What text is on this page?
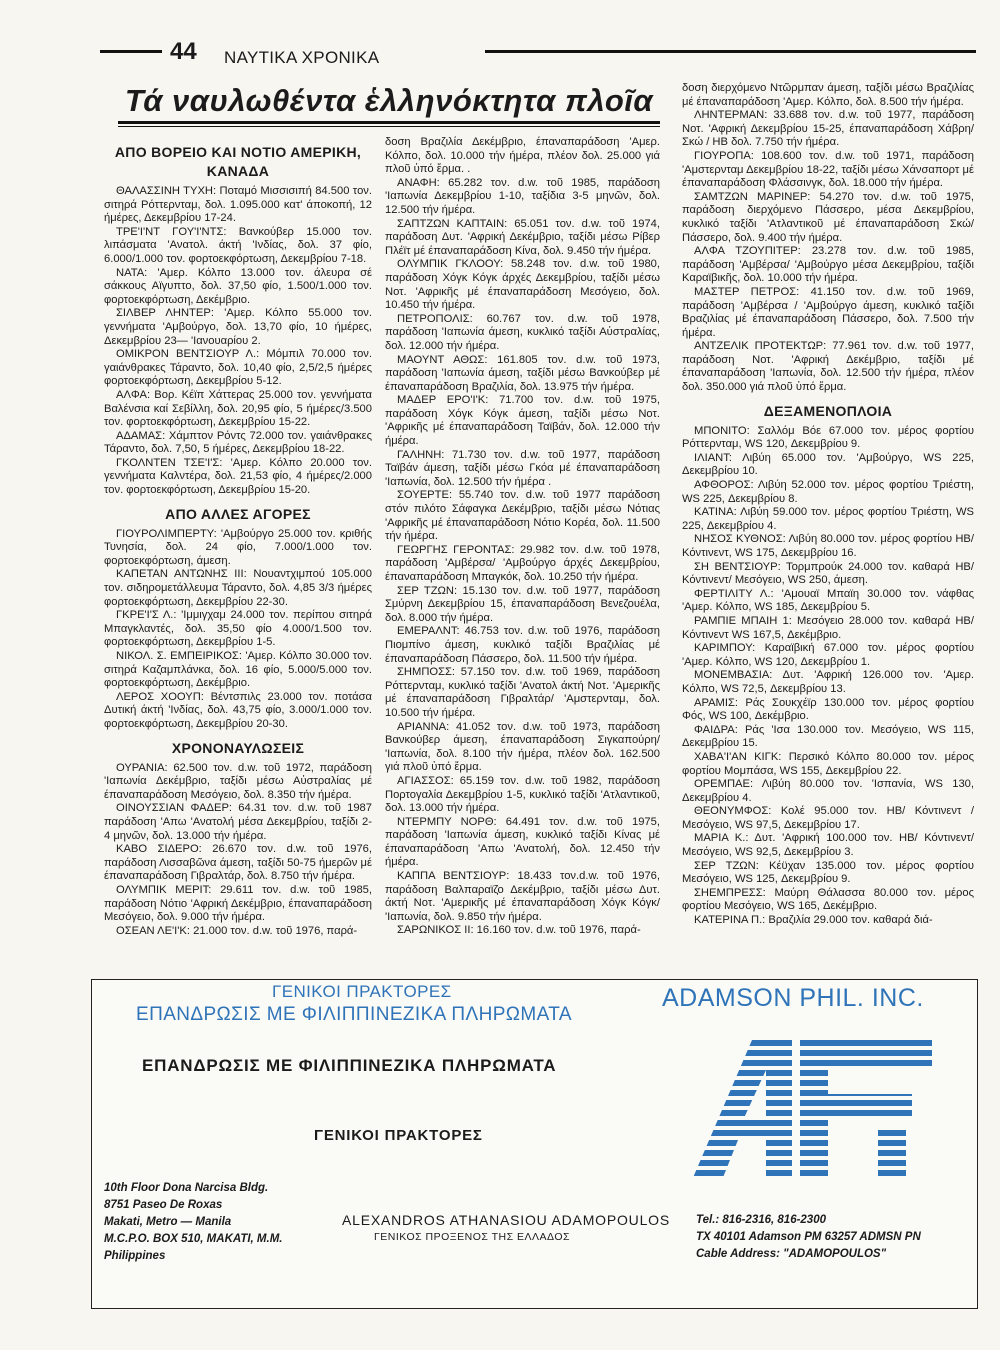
44 ΝΑΥΤΙΚΑ ΧΡΟΝΙΚΑ
Τά ναυλωθέντα ἑλληνόκτητα πλοῖα
ΑΠΟ ΒΟΡΕΙΟ ΚΑΙ ΝΟΤΙΟ ΑΜΕΡΙΚΗ, ΚΑΝΑΔΑ

ΘΑΛΑΣΣΙΝΗ ΤΥΧΗ: Ποταμό Μισσισιπή 84.500 τον. σιτηρά Ρόττερνταμ, δολ. 1.095.000 κατ' άποκοπή, 12 ήμέρες, Δεκεμβρίου 17-24.

ΤΡΕ'Ι'ΝΤ ΓΟΥ'Ι'ΝΤΣ: Βανκούβερ 15.000 τον. λιπάσματα 'Ανατολ. άκτή 'Ινδίας, δολ. 37 φίο, 6.000/1.000 τον. φορτοεκφόρτωση, Δεκεμβρίου 7-18.

ΝΑΤΑ: 'Αμερ. Κόλπο 13.000 τον. άλευρα σέ σάκκους Αϊγυπτο, δολ. 37,50 φίο, 1.500/1.000 τον. φορτοεκφόρτωση, Δεκέμβριο.

ΣΙΛΒΕΡ ΛΗΝΤΕΡ: 'Αμερ. Κόλπο 55.000 τον. γεννήματα 'Αμβούργο, δολ. 13,70 φίο, 10 ήμέρες, Δεκεμβρίου 23— 'Ιανουαρίου 2.

ΟΜΙΚΡΟΝ ΒΕΝΤΣΙΟΥΡ Λ.: Μόμπιλ 70.000 τον. γαιάνθρακες Τάραντο, δολ. 10,40 φίο, 2,5/2,5 ήμέρες φορτοεκφόρτωση, Δεκεμβρίου 5-12.

ΑΛΦΑ: Βορ. Κέϊπ Χάττερας 25.000 τον. γεννήματα Βαλένσια καί Σεβίλλη, δολ. 20,95 φίο, 5 ήμέρες/3.500 τον. φορτοεκφόρτωση, Δεκεμβρίου 15-22.

ΑΔΑΜΑΣ: Χάμπτον Ρόντς 72.000 τον. γαιάνθρακες Τάραντο, δολ. 7,50, 5 ήμέρες, Δεκεμβρίου 18-22.

ΓΚΟΛΝΤΕΝ ΤΣΕ'Ι'Σ: 'Αμερ. Κόλπο 20.000 τον. γεννήματα Καλντέρα, δολ. 21,53 φίο, 4 ήμέρες/2.000 τον. φορτοεκφόρτωση, Δεκεμβρίου 15-20.

ΑΠΟ ΑΛΛΕΣ ΑΓΟΡΕΣ

ΓΙΟΥΡΟΛΙΜΠΕΡΤΥ: 'Αμβούργο 25.000 τον. κριθής Τυνησία, δολ. 24 φίο, 7.000/1.000 τον. φορτοεκφόρτωση, άμεση.

ΚΑΠΕΤΑΝ ΑΝΤΩΝΗΣ ΙΙΙ: Νουαντχιμπού 105.000 τον. σιδηρομετάλλευμα Τάραντο, δολ. 4,85 3/3 ήμέρες φορτοεκφόρτωση, Δεκεμβρίου 22-30.

ΓΚΡΕ'Ι'Σ Λ.: 'Ιμμιγχαμ 24.000 τον. περίπου σιτηρά Μπαγκλαντές, δολ. 35,50 φίο 4.000/1.500 τον. φορτοεκφόρτωση, Δεκεμβρίου 1-5.

ΝΙΚΟΛ. Σ. ΕΜΠΕΙΡΙΚΟΣ: 'Αμερ. Κόλπο 30.000 τον. σιτηρά Καζαμπλάνκα, δολ. 16 φίο, 5.000/5.000 τον. φορτοεκφόρτωση, Δεκέμβριο.

ΛΕΡΟΣ ΧΟΟΥΠ: Βέντσπιλς 23.000 τον. ποτάσα Δυτική άκτή 'Ινδίας, δολ. 43,75 φίο, 3.000/1.000 τον. φορτοεκφόρτωση, Δεκεμβρίου 20-30.

ΧΡΟΝΟΝΑΥΛΩΣΕΙΣ

ΟΥΡΑΝΙΑ: 62.500 τον. d.w. τοῦ 1972, παράδοση 'Ιαπωνία Δεκέμβριο, ταξίδι μέσω Αὐστραλίας μέ έπαναπαράδοση Μεσόγειο, δολ. 8.350 τήν ήμέρα.

ΟΙΝΟΥΣΣΙΑΝ ΦΑΔΕΡ: 64.31 τον. d.w. τοῦ 1987 παράδοση 'Απω 'Ανατολή μέσα Δεκεμβρίου, ταξίδι 2-4 μηνῶν, δολ. 13.000 τήν ήμέρα.

ΚΑΒΟ ΣΙΔΕΡΟ: 26.670 τον. d.w. τοῦ 1976, παράδοση Λισσαβῶνα άμεση, ταξίδι 50-75 ήμερῶν μέ έπαναπαράδοση Γιβραλτάρ, δολ. 8.750 τήν ήμέρα.

ΟΛΥΜΠΙΚ ΜΕΡΙΤ: 29.611 τον. d.w. τοῦ 1985, παράδοση Νότιο 'Αφρική Δεκέμβριο, έπαναπαράδοση Μεσόγειο, δολ. 9.000 τήν ήμέρα.

ΟΣΕΑΝ ΛΕ'Ι'Κ: 21.000 τον. d.w. τοῦ 1976, παρά-

δοση Βραζιλία Δεκέμβριο, έπαναπαράδοση 'Αμερ. Κόλπο, δολ. 10.000 τήν ήμέρα, πλέον δολ. 25.000 γιά πλοῦ ὑπό ἔρμα. .

ΑΝΑΦΗ: 65.282 τον. d.w. τοῦ 1985, παράδοση 'Ιαπωνία Δεκεμβρίου 1-10, ταξίδια 3-5 μηνῶν, δολ. 12.500 τήν ήμέρα.

ΣΑΠΤΖΩΝ ΚΑΠΤΑΙΝ: 65.051 τον. d.w. τοῦ 1974, παράδοση Δυτ. 'Αφρική Δεκέμβριο, ταξίδι μέσω Ρίβερ Πλέϊτ μέ έπαναπαράδοση Κίνα, δολ. 9.450 τήν ήμέρα.

ΟΛΥΜΠΙΚ ΓΚΛΟΟΥ: 58.248 τον. d.w. τοῦ 1980, παράδοση Χόγκ Κόγκ άρχές Δεκεμβρίου, ταξίδι μέσω Νοτ. 'Αφρικῆς μέ έπαναπαράδοση Μεσόγειο, δολ. 10.450 τήν ήμέρα.

ΠΕΤΡΟΠΟΛΙΣ: 60.767 τον. d.w. τοῦ 1978, παράδοση 'Ιαπωνία άμεση, κυκλικό ταξίδι Αὐστραλίας, δολ. 12.000 τήν ήμέρα.

ΜΑΟΥΝΤ ΑΘΩΣ: 161.805 τον. d.w. τοῦ 1973, παράδοση 'Ιαπωνία άμεση, ταξίδι μέσω Βανκούβερ μέ έπαναπαράδοση Βραζιλία, δολ. 13.975 τήν ήμέρα.

ΜΑΔΕΡ ΕΡΟ'Ι'Κ: 71.700 τον. d.w. τοῦ 1975, παράδοση Χόγκ Κόγκ άμεση, ταξίδι μέσω Νοτ. 'Αφρικῆς μέ έπαναπαράδοση Ταϊβάν, δολ. 12.000 τήν ήμέρα.

ΓΑΛΗΝΗ: 71.730 τον. d.w. τοῦ 1977, παράδοση Ταϊβάν άμεση, ταξίδι μέσω Γκόα μέ έπαναπαράδοση 'Ιαπωνία, δολ. 12.500 τήν ήμέρα .

ΣΟΥΕΡΤΕ: 55.740 τον. d.w. τοῦ 1977 παράδοση στόν πιλότο Σάφαγκα Δεκέμβριο, ταξίδι μέσω Νότιας 'Αφρικῆς μέ έπαναπαράδοση Νότιο Κορέα, δολ. 11.500 τήν ήμέρα.

ΓΕΩΡΓΗΣ ΓΕΡΟΝΤΑΣ: 29.982 τον. d.w. τοῦ 1978, παράδοση 'Αμβέρσα/ 'Αμβούργο άρχές Δεκεμβρίου, έπαναπαράδοση Μπαγκόκ, δολ. 10.250 τήν ήμέρα.

ΣΕΡ ΤΖΩΝ: 15.130 τον. d.w. τοῦ 1977, παράδοση Σμύρνη Δεκεμβρίου 15, έπαναπαράδοση Βενεζουέλα, δολ. 8.000 τήν ήμέρα.

ΕΜΕΡΑΛΝΤ: 46.753 τον. d.w. τοῦ 1976, παράδοση Πιομπίνο άμεση, κυκλικό ταξίδι Βραζιλίας μέ έπαναπαράδοση Πάσσερο, δολ. 11.500 τήν ήμέρα.

ΣΗΜΠΟΣΣ: 57.150 τον. d.w. τοῦ 1969, παράδοση Ρόττερνταμ, κυκλικό ταξίδι 'Ανατολ άκτή Νοτ. 'Αμερικῆς μέ έπαναπαράδοση Γιβραλτάρ/ 'Αμστερνταμ, δολ. 10.500 τήν ήμέρα.

ΑΡΙΑΝΝΑ: 41.052 τον. d.w. τοῦ 1973, παράδοση Βανκούβερ άμεση, έπαναπαράδοση Σιγκαπούρη/ 'Ιαπωνία, δολ. 8.100 τήν ήμέρα, πλέον δολ. 162.500 γιά πλοῦ ὑπό ἔρμα.

ΑΓΙΑΣΣΟΣ: 65.159 τον. d.w. τοῦ 1982, παράδοση Πορτογαλία Δεκεμβρίου 1-5, κυκλικό ταξίδι 'Ατλαντικοῦ, δολ. 13.000 τήν ήμέρα.

ΝΤΕΡΜΠΥ ΝΟΡΘ: 64.491 τον. d.w. τοῦ 1975, παράδοση 'Ιαπωνία άμεση, κυκλικό ταξίδι Κίνας μέ έπαναπαράδοση 'Απω 'Ανατολή, δολ. 12.450 τήν ήμέρα.

ΚΑΠΠΑ ΒΕΝΤΣΙΟΥΡ: 18.433 τον.d.w. τοῦ 1976, παράδοση Βαλπαραϊζο Δεκέμβριο, ταξίδι μέσω Δυτ. άκτή Νοτ. 'Αμερικῆς μέ έπαναπαράδοση Χόγκ Κόγκ/ 'Ιαπωνία, δολ. 9.850 τήν ήμέρα.

ΣΑΡΩΝΙΚΟΣ ΙΙ: 16.160 τον. d.w. τοῦ 1976, παρά-

δοση διερχόμενο Ντῶρμπαν άμεση, ταξίδι μέσω Βραζιλίας μέ έπαναπαράδοση 'Αμερ. Κόλπο, δολ. 8.500 τήν ήμέρα.

ΛΗΝΤΕΡΜΑΝ: 33.688 τον. d.w. τοῦ 1977, παράδοση Νοτ. 'Αφρική Δεκεμβρίου 15-25, έπαναπαράδοση Χάβρη/ Σκώ / ΗΒ δολ. 7.750 τήν ήμέρα.

ΓΙΟΥΡΟΠΑ: 108.600 τον. d.w. τοῦ 1971, παράδοση 'Αμστερνταμ Δεκεμβρίου 18-22, ταξίδι μέσω Χάνσαπορτ μέ έπαναπαράδοση Φλάσσινγκ, δολ. 18.000 τήν ήμέρα.

ΣΑΜΤΖΩΝ ΜΑΡΙΝΕΡ: 54.270 τον. d.w. τοῦ 1975, παράδοση διερχόμενο Πάσσερο, μέσα Δεκεμβρίου, κυκλικό ταξίδι 'Ατλαντικοῦ μέ έπαναπαράδοση Σκώ/ Πάσσερο, δολ. 9.400 τήν ήμέρα.

ΑΛΦΑ ΤΖΟΥΠΙΤΕΡ: 23.278 τον. d.w. τοῦ 1985, παράδοση 'Αμβέρσα/ 'Αμβούργο μέσα Δεκεμβρίου, ταξίδι Καραϊβικῆς, δολ. 10.000 τήν ήμέρα.

ΜΑΣΤΕΡ ΠΕΤΡΟΣ: 41.150 τον. d.w. τοῦ 1969, παράδοση 'Αμβέρσα / 'Αμβούργο άμεση, κυκλικό ταξίδι Βραζιλίας μέ έπαναπαράδοση Πάσσερο, δολ. 7.500 τήν ήμέρα.

ΑΝΤΖΕΛΙΚ ΠΡΟΤΕΚΤΩΡ: 77.961 τον. d.w. τοῦ 1977, παράδοση Νοτ. 'Αφρική Δεκέμβριο, ταξίδι μέ έπαναπαράδοση 'Ιαπωνία, δολ. 12.500 τήν ήμέρα, πλέον δολ. 350.000 γιά πλοῦ ὑπό ἔρμα.

ΔΕΞΑΜΕΝΟΠΛΟΙΑ

ΜΠΟΝΙΤΟ: Σαλλόμ Βόε 67.000 τον. μέρος φορτίου Ρόττερνταμ, WS 120, Δεκεμβρίου 9.

ΙΛΙΑΝΤ: Λιβύη 65.000 τον. 'Αμβούργο, WS 225, Δεκεμβρίου 10.

ΑΦΘΟΡΟΣ: Λιβύη 52.000 τον. μέρος φορτίου Τριέστη, WS 225, Δεκεμβρίου 8.

ΚΑΤΙΝΑ: Λιβύη 59.000 τον. μέρος φορτίου Τριέστη, WS 225, Δεκεμβρίου 4.

ΝΗΣΟΣ ΚΥΘΝΟΣ: Λιβύη 80.000 τον. μέρος φορτίου ΗΒ/Κόντινεντ, WS 175, Δεκεμβρίου 16.

ΣΗ ΒΕΝΤΣΙΟΥΡ: Τορμπρούκ 24.000 τον. καθαρά ΗΒ/Κόντινεντ/ Μεσόγειο, WS 250, άμεση.

ΦΕΡΤΙΛΙΤΥ Λ.: 'Αμουαϊ Μπαϊη 30.000 τον. νάφθας 'Αμερ. Κόλπο, WS 185, Δεκεμβρίου 5.

ΡΑΜΠΙΕ ΜΠΑΙΗ 1: Μεσόγειο 28.000 τον. καθαρά ΗΒ/ Κόντινεντ WS 167,5, Δεκέμβριο.

ΚΑΡΙΜΠΟΥ: Καραϊβική 67.000 τον. μέρος φορτίου 'Αμερ. Κόλπο, WS 120, Δεκεμβρίου 1.

ΜΟΝΕΜΒΑΣΙΑ: Δυτ. 'Αφρική 126.000 τον. 'Αμερ. Κόλπο, WS 72,5, Δεκεμβρίου 13.

ΑΡΑΜΙΣ: Ράς Σουκχέϊρ 130.000 τον. μέρος φορτίου Φός, WS 100, Δεκέμβριο.

ΦΑΙΔΡΑ: Ράς 'Ισα 130.000 τον. Μεσόγειο, WS 115, Δεκεμβρίου 15.

ΧΑΒΑ'Ι'ΑΝ ΚΙΓΚ: Περσικό Κόλπο 80.000 τον. μέρος φορτίου Μομπάσα, WS 155, Δεκεμβρίου 22.

ΟΡΕΜΠΑΕ: Λιβύη 80.000 τον. 'Ισπανία, WS 130, Δεκεμβρίου 4.

ΘΕΟΝΥΜΦΟΣ: Κολέ 95.000 τον. ΗΒ/ Κόντινεντ /Μεσόγειο, WS 97,5, Δεκεμβρίου 17.

ΜΑΡΙΑ Κ.: Δυτ. 'Αφρική 100.000 τον. ΗΒ/ Κόντινεντ/ Μεσόγειο, WS 92,5, Δεκεμβρίου 3.

ΣΕΡ ΤΖΩΝ: Κέϋχαν 135.000 τον. μέρος φορτίου Μεσόγειο, WS 125, Δεκεμβρίου 9.

ΣΗΕΜΠΡΕΣΣ: Μαύρη Θάλασσα 80.000 τον. μέρος φορτίου Μεσόγειο, WS 165, Δεκέμβριο.

ΚΑΤΕΡΙΝΑ Π.: Βραζιλία 29.000 τον. καθαρά διά-

ΓΕΝΙΚΟΙ ΠΡΑΚΤΟΡΕΣ
ΕΠΑΝΔΡΩΣΙΣ ΜΕ ΦΙΛΙΠΠΙΝΕΖΙΚΑ ΠΛΗΡΩΜΑΤΑ
ADAMSON PHIL. INC.
ΕΠΑΝΔΡΩΣΙΣ ΜΕ ΦΙΛΙΠΠΙΝΕΖΙΚΑ ΠΛΗΡΩΜΑΤΑ
ΓΕΝΙΚΟΙ ΠΡΑΚΤΟΡΕΣ
10th Floor Dona Narcisa Bldg.
8751 Paseo De Roxas
Makati, Metro — Manila
M.C.P.O. BOX 510, MAKATI, M.M.
Philippines
ALEXANDROS ATHANASIOU ADAMOPOULOS
ΓΕΝΙΚΟΣ ΠΡΟΞΕΝΟΣ ΤΗΣ ΕΛΛΑΔΟΣ
Tel.: 816-2316, 816-2300
TX 40101 Adamson PM 63257 ADMSN PN
Cable Address: "ADAMOPOULOS"
